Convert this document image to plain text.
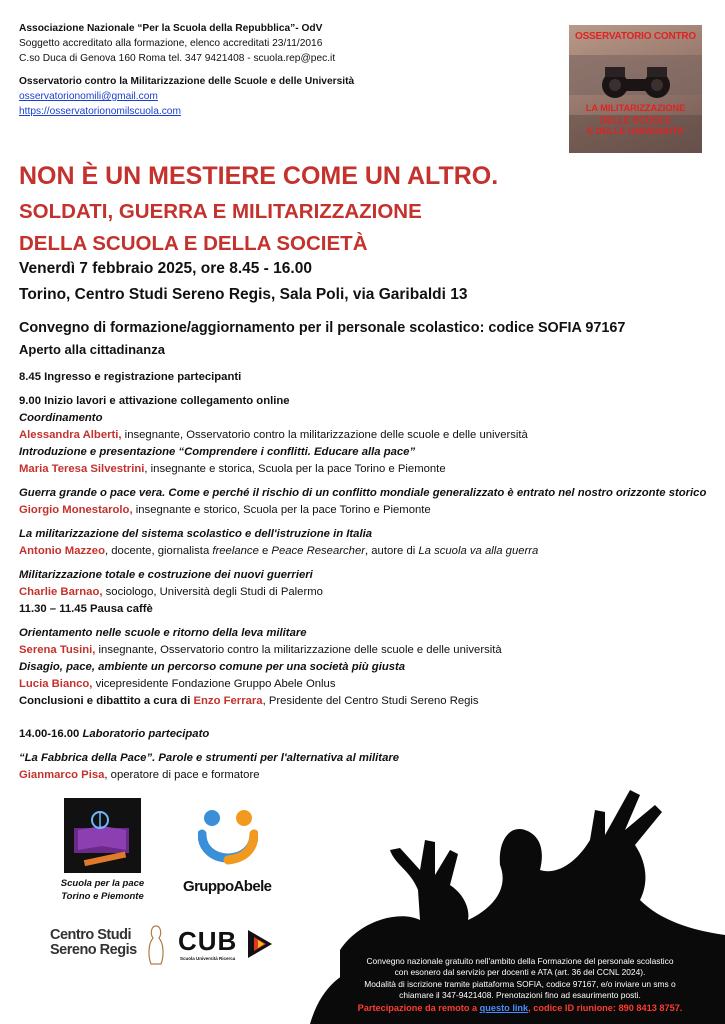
Associazione Nazionale “Per la Scuola della Repubblica”- OdV
Soggetto accreditato alla formazione, elenco accreditati 23/11/2016
C.so Duca di Genova 160 Roma tel. 347 9421408 - scuola.rep@pec.it
Osservatorio contro la Militarizzazione delle Scuole e delle Università
osservatorionomili@gmail.com
https://osservatorionomilscuola.com
OSSERVATORIO CONTRO
LA MILITARIZZAZIONE
DELLE SCUOLE
E DELLE UNIVERSITÀ
NON È UN MESTIERE COME UN ALTRO.
SOLDATI, GUERRA E MILITARIZZAZIONE
DELLA SCUOLA E DELLA SOCIETÀ
Venerdì 7 febbraio 2025, ore 8.45 - 16.00
Torino, Centro Studi Sereno Regis, Sala Poli, via Garibaldi 13
Convegno di formazione/aggiornamento per il personale scolastico: codice SOFIA 97167
Aperto alla cittadinanza
8.45 Ingresso e registrazione partecipanti
9.00 Inizio lavori e attivazione collegamento online
Coordinamento
Alessandra Alberti, insegnante, Osservatorio contro la militarizzazione delle scuole e delle università
Introduzione e presentazione “Comprendere i conflitti. Educare alla pace”
Maria Teresa Silvestrini, insegnante e storica, Scuola per la pace Torino e Piemonte
Guerra grande o pace vera. Come e perché il rischio di un conflitto mondiale generalizzato è entrato nel nostro orizzonte storico
Giorgio Monestarolo, insegnante e storico, Scuola per la pace Torino e Piemonte
La militarizzazione del sistema scolastico e dell'istruzione in Italia
Antonio Mazzeo, docente, giornalista freelance e Peace Researcher, autore di La scuola va alla guerra
Militarizzazione totale e costruzione dei nuovi guerrieri
Charlie Barnao, sociologo, Università degli Studi di Palermo
11.30 – 11.45 Pausa caffè
Orientamento nelle scuole e ritorno della leva militare
Serena Tusini, insegnante, Osservatorio contro la militarizzazione delle scuole e delle università
Disagio, pace, ambiente un percorso comune per una società più giusta
Lucia Bianco, vicepresidente Fondazione Gruppo Abele Onlus
Conclusioni e dibattito a cura di Enzo Ferrara, Presidente del Centro Studi Sereno Regis
14.00-16.00 Laboratorio partecipato
“La Fabbrica della Pace”. Parole e strumenti per l'alternativa al militare
Gianmarco Pisa, operatore di pace e formatore
Convegno nazionale gratuito nell'ambito della Formazione del personale scolastico
con esonero dal servizio per docenti e ATA (art. 36 del CCNL 2024).
Modalità di iscrizione tramite piattaforma SOFIA, codice 97167, e/o inviare un sms o
chiamare il 347-9421408. Prenotazioni fino ad esaurimento posti.
Partecipazione da remoto a questo link, codice ID riunione: 890 8413 8757.
Scuola per la pace
Torino e Piemonte
GruppoAbele
Centro Studi
Sereno Regis CUB
Scuola Università Ricerca
